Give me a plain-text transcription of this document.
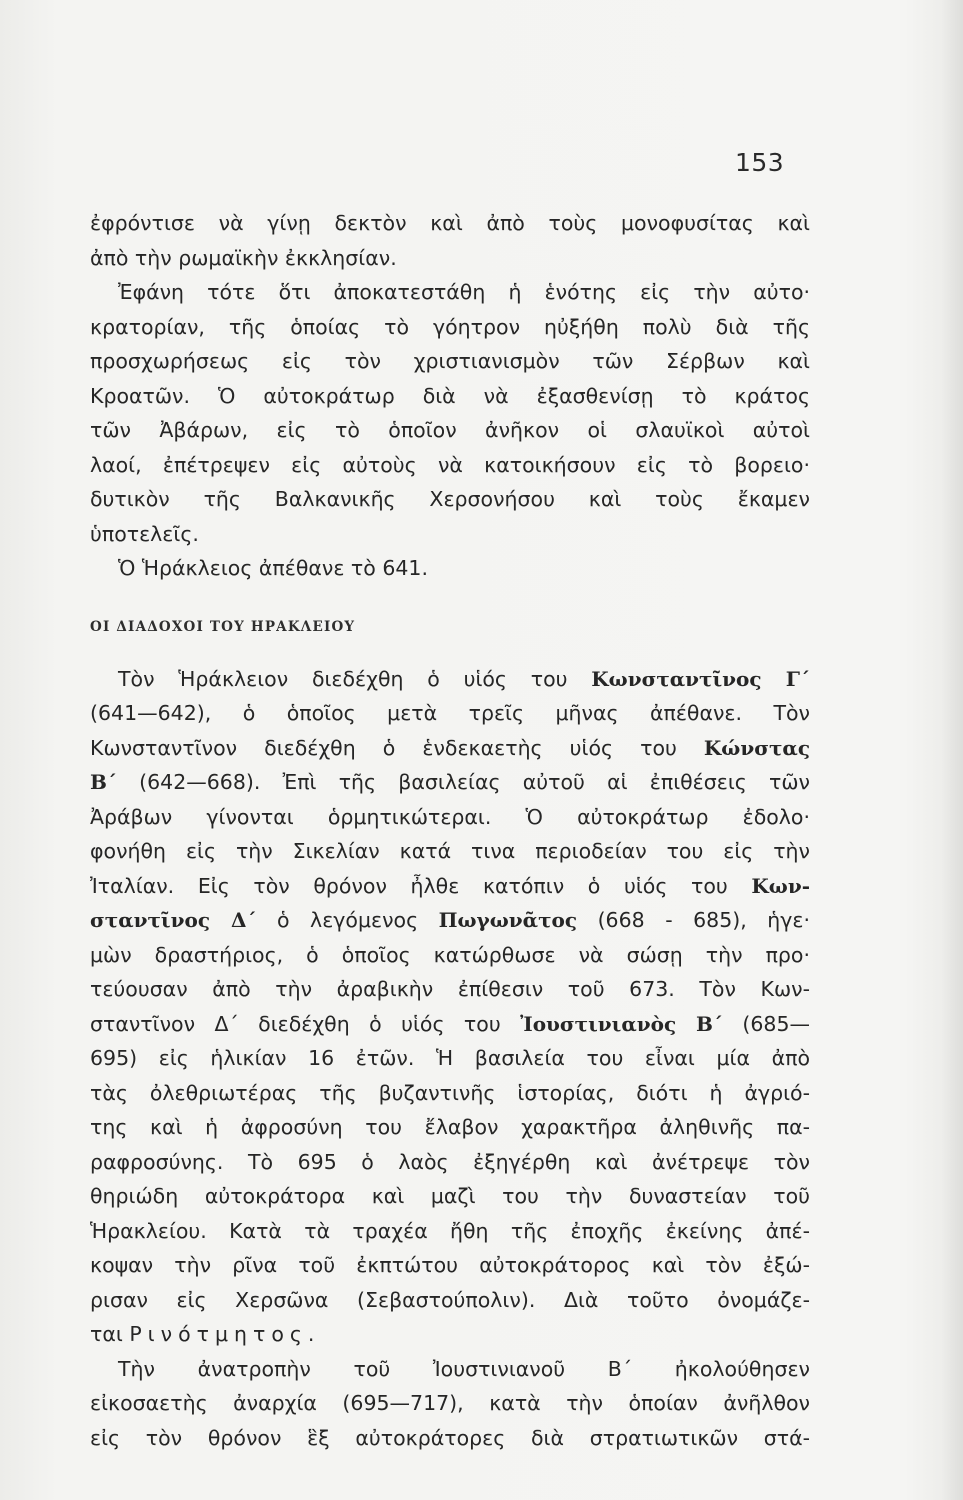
153
ἐφρόντισε νὰ γίνῃ δεκτὸν καὶ ἀπὸ τοὺς μονοφυσίτας καὶ
ἀπὸ τὴν ρωμαϊκὴν ἐκκλησίαν.
Ἐφάνη τότε ὅτι ἀποκατεστάθη ἡ ἑνότης εἰς τὴν αὐτο·
κρατορίαν, τῆς ὁποίας τὸ γόητρον ηὐξήθη πολὺ διὰ τῆς
προσχωρήσεως εἰς τὸν χριστιανισμὸν τῶν Σέρβων καὶ
Κροατῶν. Ὁ αὐτοκράτωρ διὰ νὰ ἐξασθενίσῃ τὸ κράτος
τῶν Ἀβάρων, εἰς τὸ ὁποῖον ἀνῆκον οἱ σλαυϊκοὶ αὐτοὶ
λαοί, ἐπέτρεψεν εἰς αὐτοὺς νὰ κατοικήσουν εἰς τὸ βορειο·
δυτικὸν τῆς Βαλκανικῆς Χερσονήσου καὶ τοὺς ἔκαμεν
ὑποτελεῖς.
Ὁ Ἡράκλειος ἀπέθανε τὸ 641.
ΟΙ ΔΙΑΔΟΧΟΙ ΤΟΥ ΗΡΑΚΛΕΙΟΥ
Τὸν Ἡράκλειον διεδέχθη ὁ υἱός του Κωνσταντῖνος Γ΄
(641—642), ὁ ὁποῖος μετὰ τρεῖς μῆνας ἀπέθανε. Τὸν
Κωνσταντῖνον διεδέχθη ὁ ἑνδεκαετὴς υἱός του Κώνστας
Β΄ (642—668). Ἐπὶ τῆς βασιλείας αὐτοῦ αἱ ἐπιθέσεις τῶν
Ἀράβων γίνονται ὁρμητικώτεραι. Ὁ αὐτοκράτωρ ἐδολο·
φονήθη εἰς τὴν Σικελίαν κατά τινα περιοδείαν του εἰς τὴν
Ἰταλίαν. Εἰς τὸν θρόνον ἦλθε κατόπιν ὁ υἱός του Κων-
σταντῖνος Δ΄ ὁ λεγόμενος Πωγωνᾶτος (668 - 685), ἡγε·
μὼν δραστήριος, ὁ ὁποῖος κατώρθωσε νὰ σώσῃ τὴν προ·
τεύουσαν ἀπὸ τὴν ἀραβικὴν ἐπίθεσιν τοῦ 673. Τὸν Κων-
σταντῖνον Δ΄ διεδέχθη ὁ υἱός του Ἰουστινιανὸς Β΄ (685—
695) εἰς ἡλικίαν 16 ἐτῶν. Ἡ βασιλεία του εἶναι μία ἀπὸ
τὰς ὀλεθριωτέρας τῆς βυζαντινῆς ἱστορίας, διότι ἡ ἀγριό-
της καὶ ἡ ἀφροσύνη του ἔλαβον χαρακτῆρα ἀληθινῆς πα-
ραφροσύνης. Τὸ 695 ὁ λαὸς ἐξηγέρθη καὶ ἀνέτρεψε τὸν
θηριώδη αὐτοκράτορα καὶ μαζὶ του τὴν δυναστείαν τοῦ
Ἡρακλείου. Κατὰ τὰ τραχέα ἤθη τῆς ἐποχῆς ἐκείνης ἀπέ-
κοψαν τὴν ρῖνα τοῦ ἐκπτώτου αὐτοκράτορος καὶ τὸν ἐξώ-
ρισαν εἰς Χερσῶνα (Σεβαστούπολιν). Διὰ τοῦτο ὀνομάζε-
ται Ρινότμητος.
Τὴν ἀνατροπὴν τοῦ Ἰουστινιανοῦ Β΄ ἠκολούθησεν
εἰκοσαετὴς ἀναρχία (695—717), κατὰ τὴν ὁποίαν ἀνῆλθον
εἰς τὸν θρόνον ἓξ αὐτοκράτορες διὰ στρατιωτικῶν στά-
